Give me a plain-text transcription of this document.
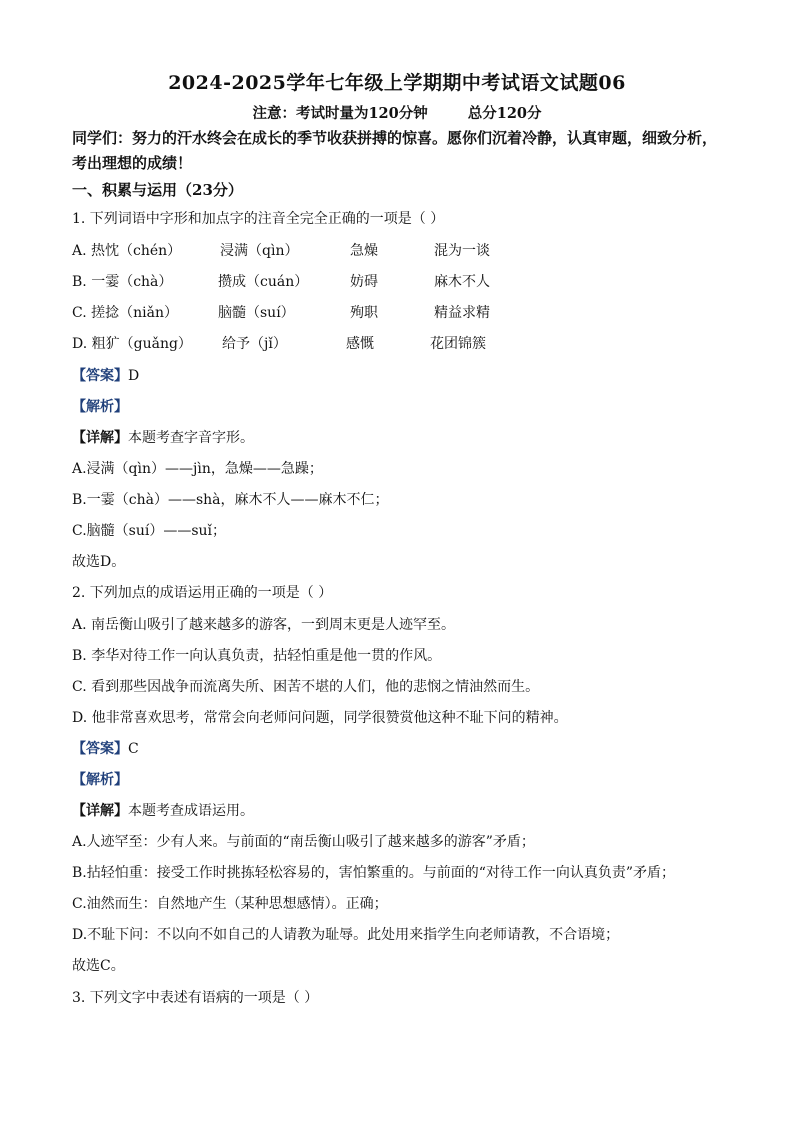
2024-2025学年七年级上学期期中考试语文试题06
注意：考试时量为120分钟	总分120分
同学们：努力的汗水终会在成长的季节收获拼搏的惊喜。愿你们沉着冷静，认真审题，细致分析，考出理想的成绩！
一、积累与运用（23分）
1. 下列词语中字形和加点字的注音全完全正确的一项是（ ）
A. 热忱（chén）	浸满（qìn）	急燥	混为一谈
B. 一霎（chà）	攒成（cuán）	妨碍	麻木不人
C. 搓捻（niǎn）	脑髓（suí）	殉职	精益求精
D. 粗犷（guǎng） 给予（jǐ）	感慨	花团锦簇
【答案】D
【解析】
【详解】本题考查字音字形。
A.浸满（qìn）——jìn，急燥——急躁；
B.一霎（chà）——shà，麻木不人——麻木不仁；
C.脑髓（suí）——suǐ；
故选D。
2. 下列加点的成语运用正确的一项是（ ）
A. 南岳衡山吸引了越来越多的游客，一到周末更是人迹罕至。
B. 李华对待工作一向认真负责，拈轻怕重是他一贯的作风。
C. 看到那些因战争而流离失所、困苦不堪的人们，他的悲悯之情油然而生。
D. 他非常喜欢思考，常常会向老师问问题，同学很赞赏他这种不耻下问的精神。
【答案】C
【解析】
【详解】本题考查成语运用。
A.人迹罕至：少有人来。与前面的“南岳衡山吸引了越来越多的游客”矛盾；
B.拈轻怕重：接受工作时挑拣轻松容易的，害怕繁重的。与前面的“对待工作一向认真负责”矛盾；
C.油然而生：自然地产生（某种思想感情）。正确；
D.不耻下问：不以向不如自己的人请教为耻辱。此处用来指学生向老师请教，不合语境；
故选C。
3. 下列文字中表述有语病的一项是（ ）
